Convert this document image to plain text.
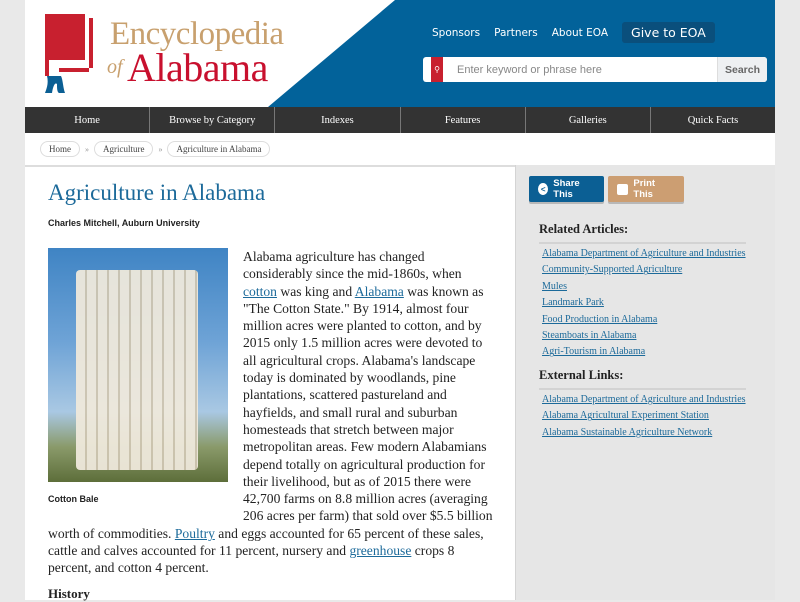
Encyclopedia
of Alabama
Sponsors Partners About EOA	Give to EOA
⚲
Enter keyword or phrase here	Search
Home	Browse by Category	Indexes	Features	Galleries	Quick Facts
Home	»	Agriculture	»	Agriculture in Alabama
Agriculture in Alabama
Charles Mitchell, Auburn University
Cotton Bale
Alabama agriculture has changed considerably since the mid-1860s, when cotton was king and Alabama was known as "The Cotton State." By 1914, almost four million acres were planted to cotton, and by 2015 only 1.5 million acres were devoted to all agricultural crops. Alabama's landscape today is dominated by woodlands, pine plantations, scattered pastureland and hayfields, and small rural and suburban homesteads that stretch between major metropolitan areas. Few modern Alabamians depend totally on agricultural production for their livelihood, but as of 2015 there were 42,700 farms on 8.8 million acres (averaging 206 acres per farm) that sold over $5.5 billion worth of commodities. Poultry and eggs accounted for 65 percent of these sales, cattle and calves accounted for 11 percent, nursery and greenhouse crops 8 percent, and cotton 4 percent.
History
< Share This
Print This
Related Articles:
Alabama Department of Agriculture and Industries
Community-Supported Agriculture
Mules
Landmark Park
Food Production in Alabama
Steamboats in Alabama
Agri-Tourism in Alabama
External Links:
Alabama Department of Agriculture and Industries
Alabama Agricultural Experiment Station
Alabama Sustainable Agriculture Network
